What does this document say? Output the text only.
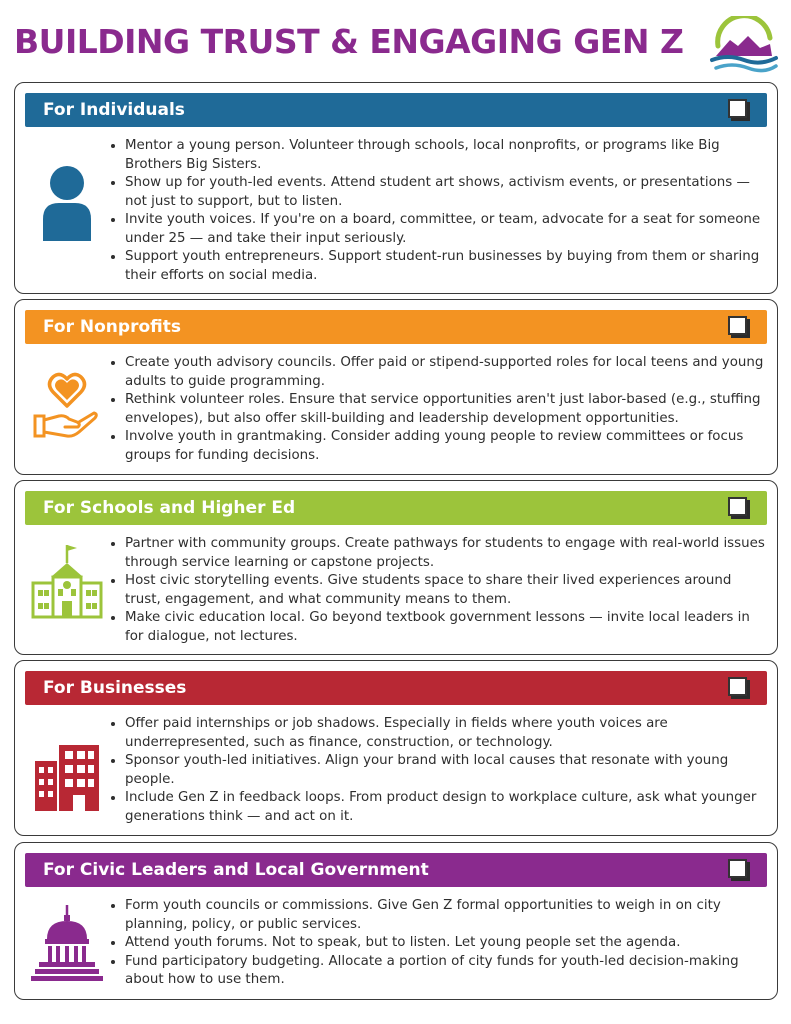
BUILDING TRUST & ENGAGING GEN Z
For Individuals
• Mentor a young person. Volunteer through schools, local nonprofits, or programs like Big Brothers Big Sisters.
• Show up for youth-led events. Attend student art shows, activism events, or presentations — not just to support, but to listen.
• Invite youth voices. If you're on a board, committee, or team, advocate for a seat for someone under 25 — and take their input seriously.
• Support youth entrepreneurs. Support student-run businesses by buying from them or sharing their efforts on social media.
For Nonprofits
• Create youth advisory councils. Offer paid or stipend-supported roles for local teens and young adults to guide programming.
• Rethink volunteer roles. Ensure that service opportunities aren't just labor-based (e.g., stuffing envelopes), but also offer skill-building and leadership development opportunities.
• Involve youth in grantmaking. Consider adding young people to review committees or focus groups for funding decisions.
For Schools and Higher Ed
• Partner with community groups. Create pathways for students to engage with real-world issues through service learning or capstone projects.
• Host civic storytelling events. Give students space to share their lived experiences around trust, engagement, and what community means to them.
• Make civic education local. Go beyond textbook government lessons — invite local leaders in for dialogue, not lectures.
For Businesses
• Offer paid internships or job shadows. Especially in fields where youth voices are underrepresented, such as finance, construction, or technology.
• Sponsor youth-led initiatives. Align your brand with local causes that resonate with young people.
• Include Gen Z in feedback loops. From product design to workplace culture, ask what younger generations think — and act on it.
For Civic Leaders and Local Government
• Form youth councils or commissions. Give Gen Z formal opportunities to weigh in on city planning, policy, or public services.
• Attend youth forums. Not to speak, but to listen. Let young people set the agenda.
• Fund participatory budgeting. Allocate a portion of city funds for youth-led decision-making about how to use them.
